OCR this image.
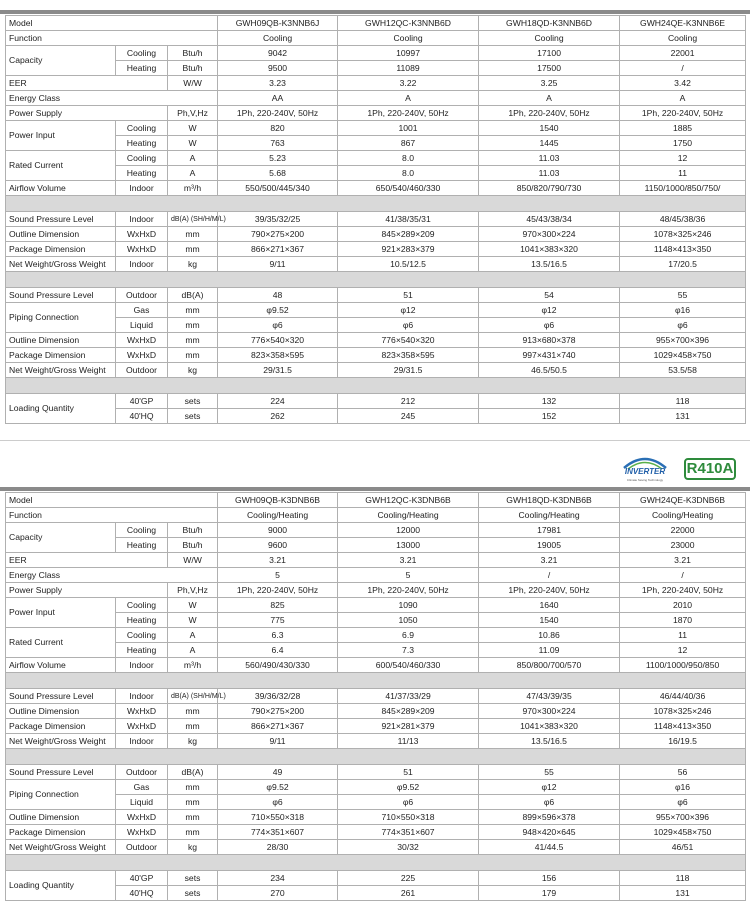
Model			GWH09QB-K3NNB6J	GWH12QC-K3NNB6D	GWH18QD-K3NNB6D	GWH24QE-K3NNB6E
Function			Cooling	Cooling	Cooling	Cooling
Capacity	Cooling	Btu/h	9042	10997	17100	22001
	Heating	Btu/h	9500	11089	17500	/
EER		W/W	3.23	3.22	3.25	3.42
Energy Class			AA	A	A	A
Power Supply		Ph,V,Hz	1Ph, 220-240V, 50Hz	1Ph, 220-240V, 50Hz	1Ph, 220-240V, 50Hz	1Ph, 220-240V, 50Hz
Power Input	Cooling	W	820	1001	1540	1885
	Heating	W	763	867	1445	1750
Rated Current	Cooling	A	5.23	8.0	11.03	12
	Heating	A	5.68	8.0	11.03	11
Airflow Volume	Indoor	m³/h	550/500/445/340	650/540/460/330	850/820/790/730	1150/1000/850/750/

Sound Pressure Level	Indoor	dB(A) (SH/H/M/L)	39/35/32/25	41/38/35/31	45/43/38/34	48/45/38/36
Outline Dimension	WxHxD	mm	790×275×200	845×289×209	970×300×224	1078×325×246
Package Dimension	WxHxD	mm	866×271×367	921×283×379	1041×383×320	1148×413×350
Net Weight/Gross Weight	Indoor	kg	9/11	10.5/12.5	13.5/16.5	17/20.5

Sound Pressure Level	Outdoor	dB(A)	48	51	54	55
Piping Connection	Gas	mm	φ9.52	φ12	φ12	φ16
	Liquid	mm	φ6	φ6	φ6	φ6
Outline Dimension	WxHxD	mm	776×540×320	776×540×320	913×680×378	955×700×396
Package Dimension	WxHxD	mm	823×358×595	823×358×595	997×431×740	1029×458×750
Net Weight/Gross Weight	Outdoor	kg	29/31.5	29/31.5	46.5/50.5	53.5/58

Loading Quantity	40'GP	sets	224	212	132	118
	40'HQ	sets	262	245	152	131
INVERTER
Climate Saving Technology
R410A
Model			GWH09QB-K3DNB6B	GWH12QC-K3DNB6B	GWH18QD-K3DNB6B	GWH24QE-K3DNB6B
Function			Cooling/Heating	Cooling/Heating	Cooling/Heating	Cooling/Heating
Capacity	Cooling	Btu/h	9000	12000	17981	22000
	Heating	Btu/h	9600	13000	19005	23000
EER		W/W	3.21	3.21	3.21	3.21
Energy Class			5	5	/	/
Power Supply		Ph,V,Hz	1Ph, 220-240V, 50Hz	1Ph, 220-240V, 50Hz	1Ph, 220-240V, 50Hz	1Ph, 220-240V, 50Hz
Power Input	Cooling	W	825	1090	1640	2010
	Heating	W	775	1050	1540	1870
Rated Current	Cooling	A	6.3	6.9	10.86	11
	Heating	A	6.4	7.3	11.09	12
Airflow Volume	Indoor	m³/h	560/490/430/330	600/540/460/330	850/800/700/570	1100/1000/950/850

Sound Pressure Level	Indoor	dB(A) (SH/H/M/L)	39/36/32/28	41/37/33/29	47/43/39/35	46/44/40/36
Outline Dimension	WxHxD	mm	790×275×200	845×289×209	970×300×224	1078×325×246
Package Dimension	WxHxD	mm	866×271×367	921×281×379	1041×383×320	1148×413×350
Net Weight/Gross Weight	Indoor	kg	9/11	11/13	13.5/16.5	16/19.5

Sound Pressure Level	Outdoor	dB(A)	49	51	55	56
Piping Connection	Gas	mm	φ9.52	φ9.52	φ12	φ16
	Liquid	mm	φ6	φ6	φ6	φ6
Outline Dimension	WxHxD	mm	710×550×318	710×550×318	899×596×378	955×700×396
Package Dimension	WxHxD	mm	774×351×607	774×351×607	948×420×645	1029×458×750
Net Weight/Gross Weight	Outdoor	kg	28/30	30/32	41/44.5	46/51

Loading Quantity	40'GP	sets	234	225	156	118
	40'HQ	sets	270	261	179	131
